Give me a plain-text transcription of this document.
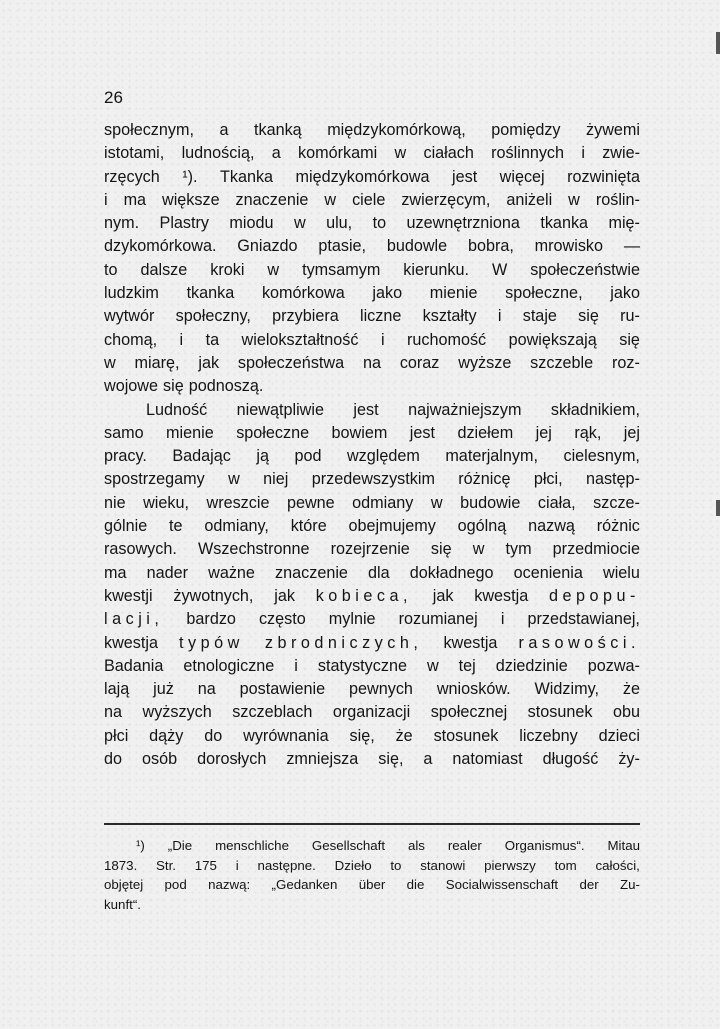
26
społecznym, a tkanką międzykomórkową, pomiędzy żywemi
istotami, ludnością, a komórkami w ciałach roślinnych i zwie-
rzęcych ¹). Tkanka międzykomórkowa jest więcej rozwinięta
i ma większe znaczenie w ciele zwierzęcym, aniżeli w roślin-
nym. Plastry miodu w ulu, to uzewnętrzniona tkanka mię-
dzykomórkowa. Gniazdo ptasie, budowle bobra, mrowisko —
to dalsze kroki w tymsamym kierunku. W społeczeństwie
ludzkim tkanka komórkowa jako mienie społeczne, jako
wytwór społeczny, przybiera liczne kształty i staje się ru-
chomą, i ta wielokształtność i ruchomość powiększają się
w miarę, jak społeczeństwa na coraz wyższe szczeble roz-
wojowe się podnoszą.
Ludność niewątpliwie jest najważniejszym składnikiem,
samo mienie społeczne bowiem jest dziełem jej rąk, jej
pracy. Badając ją pod względem materjalnym, cielesnym,
spostrzegamy w niej przedewszystkim różnicę płci, następ-
nie wieku, wreszcie pewne odmiany w budowie ciała, szcze-
gólnie te odmiany, które obejmujemy ogólną nazwą różnic
rasowych. Wszechstronne rozejrzenie się w tym przedmiocie
ma nader ważne znaczenie dla dokładnego ocenienia wielu
kwestji żywotnych, jak kobieca, jak kwestja depopu-
lacji, bardzo często mylnie rozumianej i przedstawianej,
kwestja typów zbrodniczych, kwestja rasowości.
Badania etnologiczne i statystyczne w tej dziedzinie pozwa-
lają już na postawienie pewnych wniosków. Widzimy, że
na wyższych szczeblach organizacji społecznej stosunek obu
płci dąży do wyrównania się, że stosunek liczebny dzieci
do osób dorosłych zmniejsza się, a natomiast długość ży-
¹) „Die menschliche Gesellschaft als realer Organismus“. Mitau
1873. Str. 175 i następne. Dzieło to stanowi pierwszy tom całości,
objętej pod nazwą: „Gedanken über die Socialwissenschaft der Zu-
kunft“.
